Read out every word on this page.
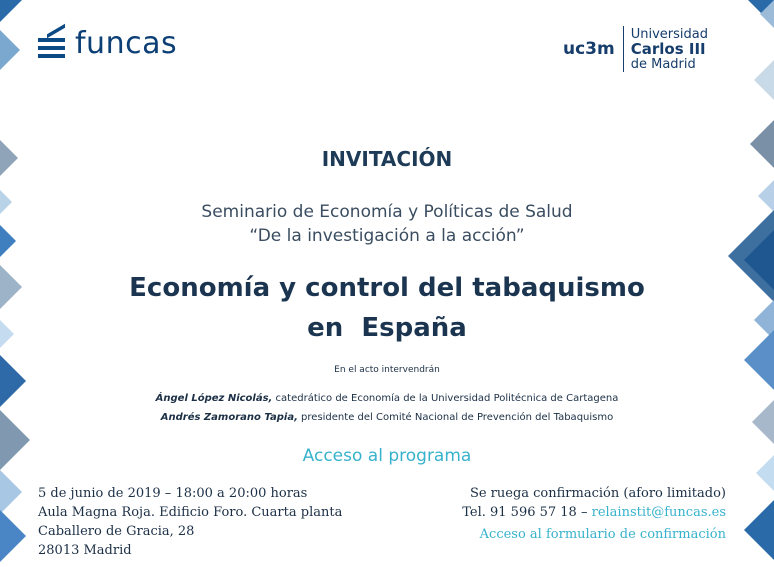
funcas	uc3m
Universidad
Carlos III
de Madrid
INVITACIÓN
Seminario de Economía y Políticas de Salud
“De la investigación a la acción”
Economía y control del tabaquismo
en  España
En el acto intervendrán
Ángel López Nicolás, catedrático de Economía de la Universidad Politécnica de Cartagena
Andrés Zamorano Tapia, presidente del Comité Nacional de Prevención del Tabaquismo
Acceso al programa
5 de junio de 2019 – 18:00 a 20:00 horas
Aula Magna Roja. Edificio Foro. Cuarta planta
Caballero de Gracia, 28
28013 Madrid
Se ruega confirmación (aforo limitado)
Tel. 91 596 57 18 – relainstit@funcas.es
Acceso al formulario de confirmación
